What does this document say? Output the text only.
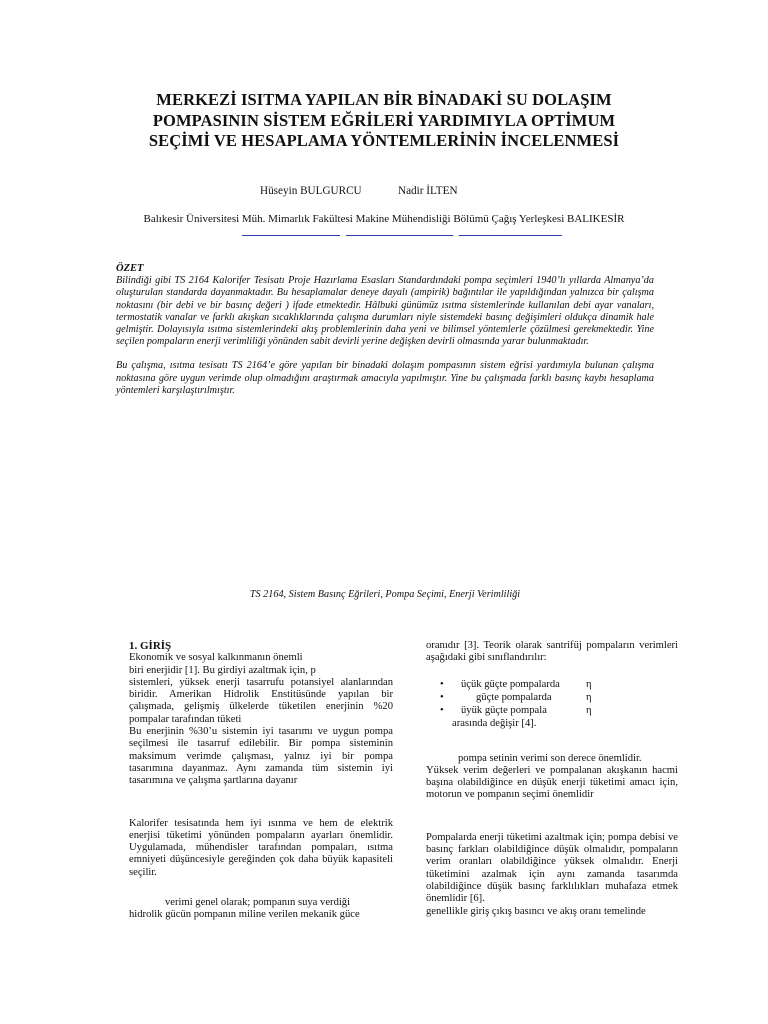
MERKEZİ ISITMA YAPILAN BİR BİNADAKİ SU DOLAŞIM
POMPASININ SİSTEM EĞRİLERİ YARDIMIYLA OPTİMUM
SEÇİMİ VE HESAPLAMA YÖNTEMLERİNİN İNCELENMESİ
Hüseyin BULGURCU	Nadir İLTEN
Balıkesir Üniversitesi Müh. Mimarlık Fakültesi Makine Mühendisliği Bölümü Çağış Yerleşkesi BALIKESİR
ÖZET

Bilindiği gibi TS 2164 Kalorifer Tesisatı Proje Hazırlama Esasları Standardındaki pompa seçimleri 1940’lı yıllarda Almanya’da oluşturulan standarda dayanmaktadır. Bu hesaplamalar deneye dayalı (ampirik) bağıntılar ile yapıldığından yalnızca bir çalışma noktasını (bir debi ve bir basınç değeri ) ifade etmektedir. Hâlbuki günümüz ısıtma sistemlerinde kullanılan debi ayar vanaları, termostatik vanalar ve farklı akışkan sıcaklıklarında çalışma durumları niyle sistemdeki basınç değişimleri oldukça dinamik hale gelmiştir. Dolayısıyla ısıtma sistemlerindeki akış problemlerinin daha yeni ve bilimsel yöntemlerle çözülmesi gerekmektedir. Yine seçilen pompaların enerji verimliliği yönünden sabit devirli yerine değişken devirli olmasında yarar bulunmaktadır.

Bu çalışma, ısıtma tesisatı TS 2164’e göre yapılan bir binadaki dolaşım pompasının sistem eğrisi yardımıyla bulunan çalışma noktasına göre uygun verimde olup olmadığını araştırmak amacıyla yapılmıştır. Yine bu çalışmada farklı basınç kaybı hesaplama yöntemleri karşılaştırılmıştır.

TS 2164, Sistem Basınç Eğrileri, Pompa Seçimi, Enerji Verimliliği

1. GİRİŞ

Ekonomik ve sosyal kalkınmanın önemli

biri enerjidir [1]. Bu girdiyi azaltmak için, p

sistemleri, yüksek enerji tasarrufu potansiyel alanlarından biridir. Amerikan Hidrolik Enstitüsünde yapılan bir çalışmada, gelişmiş ülkelerde tüketilen enerjinin %20 pompalar tarafından tüketi

Bu enerjinin %30’u sistemin iyi tasarımı ve uygun pompa seçilmesi ile tasarruf edilebilir. Bir pompa sisteminin maksimum verimde çalışması, yalnız iyi bir pompa tasarımına dayanmaz. Aynı zamanda tüm sistemin iyi tasarımına ve çalışma şartlarına dayanır

Kalorifer tesisatında hem iyi ısınma ve hem de elektrik enerjisi tüketimi yönünden pompaların ayarları önemlidir. Uygulamada, mühendisler tarafından pompaları, ısıtma emniyeti düşüncesiyle gereğinden çok daha büyük kapasiteli seçilir.

verimi genel olarak; pompanın suya verdiği

hidrolik gücün pompanın miline verilen mekanik güce

oranıdır [3]. Teorik olarak santrifüj pompaların verimleri aşağıdaki gibi sınıflandırılır:

• üçük güçte pompalarda η
•	güçte pompalarda	η
• üyük güçte pompala	η
arasında değişir [4].

pompa setinin verimi son derece önemlidir.

Yüksek verim değerleri ve pompalanan akışkanın hacmi başına olabildiğince en düşük enerji tüketimi amacı için, motorun ve pompanın seçimi önemlidir

Pompalarda enerji tüketimi azaltmak için; pompa debisi ve basınç farkları olabildiğince düşük olmalıdır, pompaların verim oranları olabildiğince yüksek olmalıdır. Enerji tüketimini azalmak için aynı zamanda tasarımda olabildiğince düşük basınç farklılıkları muhafaza etmek önemlidir [6].

genellikle giriş çıkış basıncı ve akış oranı temelinde
